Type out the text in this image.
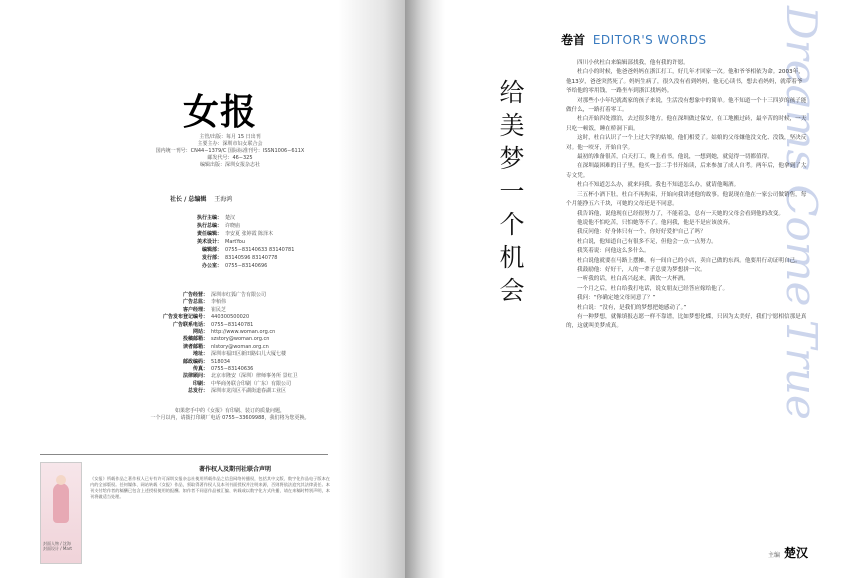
女报
主管/出版：每月 15 日出刊
主要主办：深圳市妇女联合会
国内统一刊号：CN44−1379/C 国际标准刊号：ISSN1006−611X
邮发代号：46−325
编辑出版：深圳女报杂志社
社长 / 总编辑 王海鸿
执行主编： 楚汉
执行总编： 许晓庙
责任编辑： 李安夏 张婷霞 陈泽木
美术设计： MartYou
编辑部： 0755−83140633 83140781
发行部： 83140596 83140778
办公室： 0755−83140696
广告经营： 深圳市红狐广告有限公司
广告总监： 李栢伟
客户经理： 崔民芝
广告发布登记编号： 440300500020
广告联系电话： 0755−83140781
网站： http://www.woman.org.cn
投稿邮箱： szstory@woman.org.cn
读者邮箱： nlstory@woman.org.cn
地址： 深圳市福田区新田路妇儿大厦七楼
邮政编码： 518034
传真： 0755−83140636
法律顾问： 北京市隆安（深圳）律师事务所 景红卫
印刷： 中华商务联合印刷（广东）有限公司
总发行： 深圳市龙岗区平湖街道春湖工业区
如果您手中的《女报》有印刷、装订的质量问题，
一个月以内，请拨打印刷厂电话 0755−33609988，我们将为您更换。
封面人物 / 沈海
封面设计 / Mart
著作权人及期刊社联合声明
《女报》所载作品之著作权人已专有许可深圳女报杂志社使用所载作品之信息网络传播权，包括其中文版、数字化作品电子版本在内的全部版权。任何媒体、网站转载《女报》作品，须取得著作权人及本刊书面授权并注明来源，否则将依法追究其法律责任。本刊支付给作者的稿酬已包含上述授权使用的报酬。如作者不同意作品被汇编、转载或以数字化方式传播，请在来稿时特别声明，本刊将做适当处理。
Dreams Come True
卷首 EDITOR'S WORDS
给
美
梦
一
个
机
会

四川小伙杜白来编辑部找我，他有我的许愿。

杜白小的时候，他爸爸妈妈在浙江打工，好几年才回家一次。他和爷爷相依为命。2003年，他13岁，爸爸突然死了。妈妈生病了，很久没有看到妈妈，他无心读书，想去看妈妈，就带着爷爷给他的零用钱，一路坐车到浙江找妈妈。

对那些小小年纪就离家的孩子来说，生活没有想象中的简单。他不知道一个十三四岁的孩子能做什么，一路打着零工。

杜白开始四处漂泊，去过很多地方。他在深圳做过保安，在工地搬过砖，最辛苦的时候，一天只吃一顿饭，睡在桥洞下面。

这时，杜白认识了一个上过大学的姑娘，他们相爱了。姑娘的父母嫌他没文化、没钱，坚决反对。他一咬牙，开始自学。

最初的准备很苦，白天打工，晚上看书。他说，一想到她，就觉得一切都值得。

在深圳最困难的日子里，他买一套二手书开始读，后来参加了成人自考。两年后，他拿到了大专文凭。

杜白不知道怎么办，就来问我。我也不知道怎么办，就请他喝酒。

三五杯小酒下肚，杜白不再拘束，开始向我讲述他的故事。他说现在他在一家公司做销售，每个月能挣五六千块，可她的父母还是不同意。

我告诉他，说他现在已经很努力了，不能着急，总有一天她的父母会看到他的改变。

他说他不怕吃苦，只怕她等不了。他问我，他是不是应该放弃。

我反问他：好身体只有一个，你好好爱护自己了吗？

杜白说，他知道自己有很多不足，但他会一点一点努力。

我笑着说：问他这么多什么。

杜白说他就要在马路上摆摊，有一间自己的小店，卖自己做的东西。他要用行动证明自己。

我鼓励他：好好干，人的一辈子总要为梦想拼一次。

一听我的话，杜白高兴起来，满饮一大杯酒。

一个月之后，杜白给我打电话，说女朋友已经答应嫁给他了。

我问：“你确定她父母同意了？”

杜白说：“没有，是我们的梦想把她感动了。”

有一种梦想，就像填报志愿一样不靠谱，比如梦想化蝶，只因为太美好，我们宁愿相信那是真的，这就叫美梦成真。

主编 楚汉
